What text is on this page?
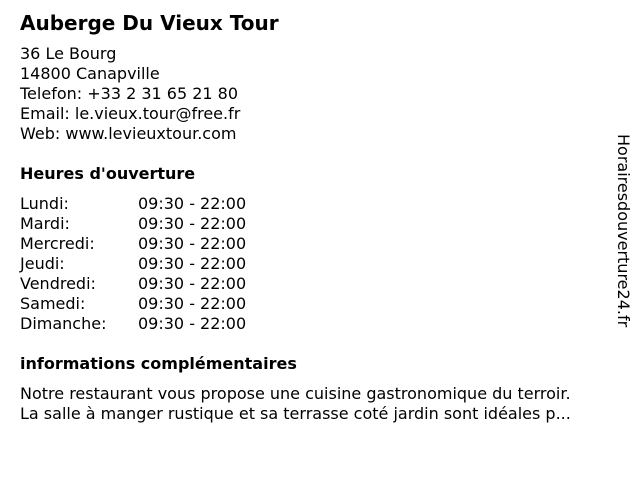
Auberge Du Vieux Tour
36 Le Bourg
14800 Canapville
Telefon: +33 2 31 65 21 80
Email: le.vieux.tour@free.fr
Web: www.levieuxtour.com
Heures d'ouverture
Lundi:	09:30 - 22:00
Mardi:	09:30 - 22:00
Mercredi:	09:30 - 22:00
Jeudi:	09:30 - 22:00
Vendredi:	09:30 - 22:00
Samedi:	09:30 - 22:00
Dimanche:	09:30 - 22:00
informations complémentaires
Notre restaurant vous propose une cuisine gastronomique du terroir.
La salle à manger rustique et sa terrasse coté jardin sont idéales p...
Horairesdouverture24.fr
